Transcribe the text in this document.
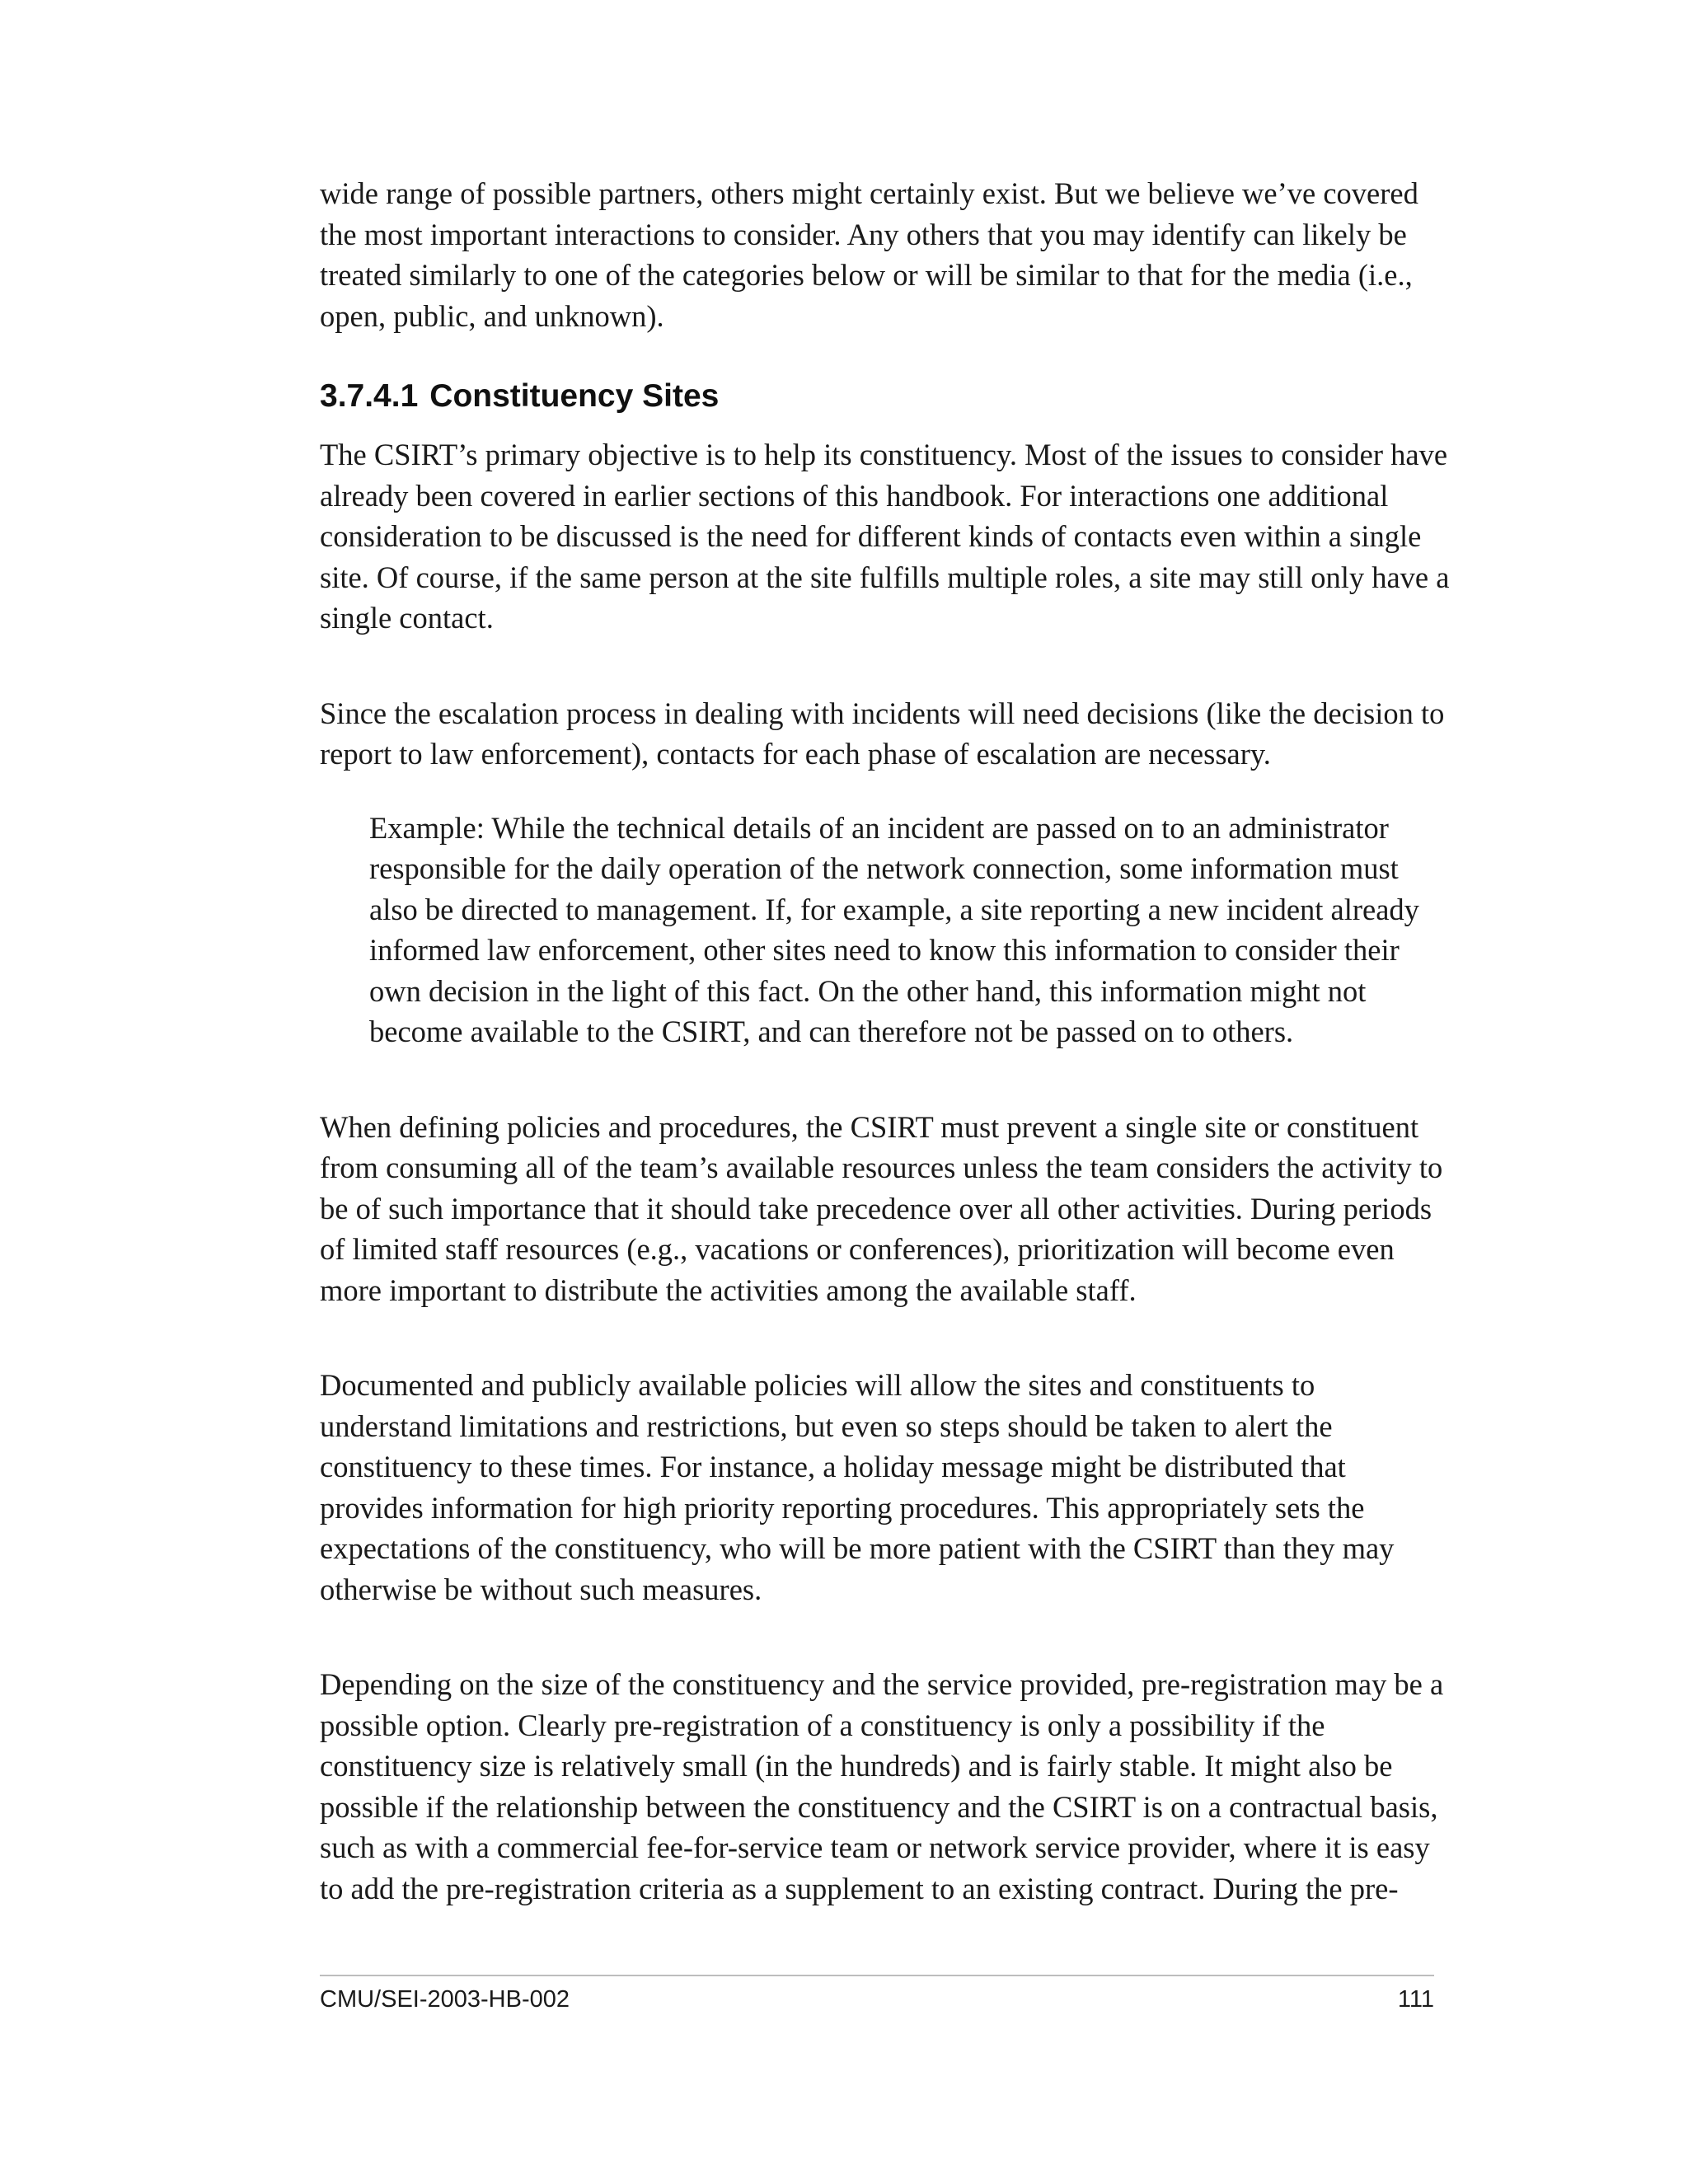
wide range of possible partners, others might certainly exist. But we believe we’ve covered the most important interactions to consider. Any others that you may identify can likely be treated similarly to one of the categories below or will be similar to that for the media (i.e., open, public, and unknown).

3.7.4.1 Constituency Sites

The CSIRT’s primary objective is to help its constituency. Most of the issues to consider have already been covered in earlier sections of this handbook. For interactions one additional consideration to be discussed is the need for different kinds of contacts even within a single site. Of course, if the same person at the site fulfills multiple roles, a site may still only have a single contact.

Since the escalation process in dealing with incidents will need decisions (like the decision to report to law enforcement), contacts for each phase of escalation are necessary.

Example: While the technical details of an incident are passed on to an administrator responsible for the daily operation of the network connection, some information must also be directed to management. If, for example, a site reporting a new incident already informed law enforcement, other sites need to know this information to consider their own decision in the light of this fact. On the other hand, this information might not become available to the CSIRT, and can therefore not be passed on to others.

When defining policies and procedures, the CSIRT must prevent a single site or constituent from consuming all of the team’s available resources unless the team considers the activity to be of such importance that it should take precedence over all other activities. During periods of limited staff resources (e.g., vacations or conferences), prioritization will become even more important to distribute the activities among the available staff.

Documented and publicly available policies will allow the sites and constituents to understand limitations and restrictions, but even so steps should be taken to alert the constituency to these times. For instance, a holiday message might be distributed that provides information for high priority reporting procedures. This appropriately sets the expectations of the constituency, who will be more patient with the CSIRT than they may otherwise be without such measures.

Depending on the size of the constituency and the service provided, pre-registration may be a possible option. Clearly pre-registration of a constituency is only a possibility if the constituency size is relatively small (in the hundreds) and is fairly stable. It might also be possible if the relationship between the constituency and the CSIRT is on a contractual basis, such as with a commercial fee-for-service team or network service provider, where it is easy to add the pre-registration criteria as a supplement to an existing contract. During the pre-

CMU/SEI-2003-HB-002	111
